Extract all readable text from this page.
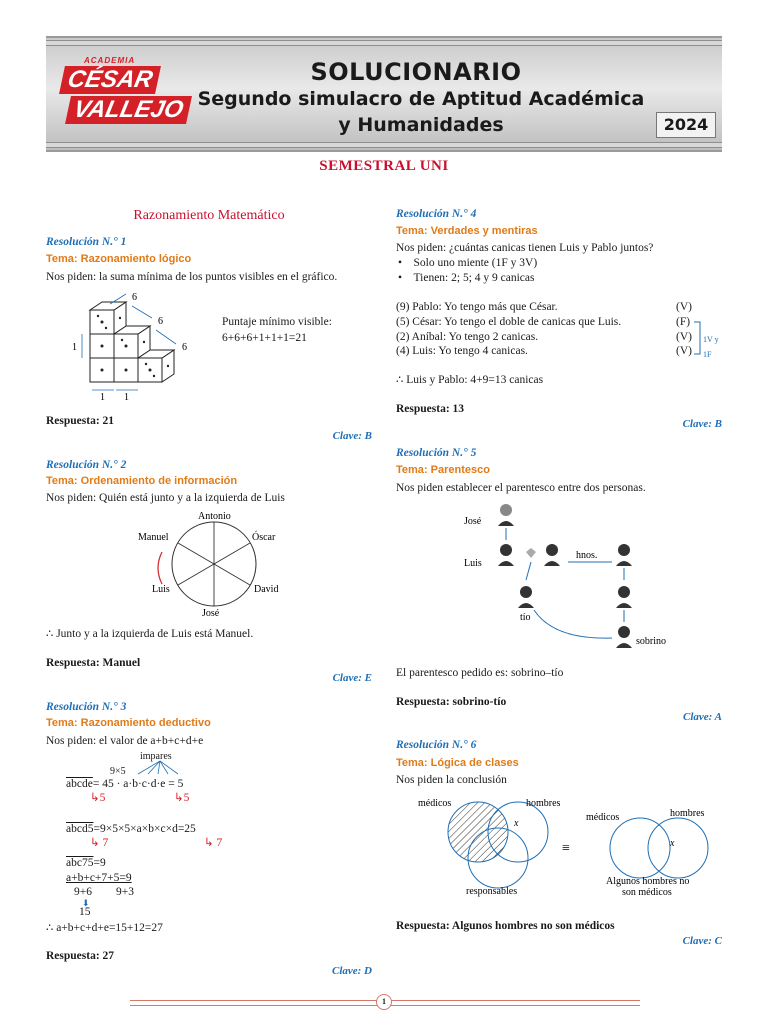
ACADEMIA
CÉSAR
VALLEJO
SOLUCIONARIO
Segundo simulacro de Aptitud Académica
y Humanidades	2024
SEMESTRAL UNI
Razonamiento Matemático
Resolución N.° 1
Tema: Razonamiento lógico
Nos piden: la suma mínima de los puntos visibles en el gráfico.
6
6
6
1
1 1
Puntaje mínimo visible:
6+6+6+1+1+1=21
Respuesta: 21
Clave: B
Resolución N.° 2
Tema: Ordenamiento de información
Nos piden: Quién está junto y a la izquierda de Luis
Antonio
Óscar
Manuel
Luis	David
José
∴ Junto y a la izquierda de Luis está Manuel.
Respuesta: Manuel
Clave: E
Resolución N.° 3
Tema: Razonamiento deductivo
Nos piden: el valor de a+b+c+d+e
impares
9×5
abcde= 45 · a·b·c·d·e = 5
↳5	↳5
abcd5=9×5×5×a×b×c×d=25
↳ 7	↳ 7
abc75=9
a+b+c+7+5=9
9+6 9+3
⬇
15
∴ a+b+c+d+e=15+12=27
Respuesta: 27
Clave: D
Resolución N.° 4
Tema: Verdades y mentiras
Nos piden: ¿cuántas canicas tienen Luis y Pablo juntos?
•    Solo uno miente (1F y 3V)
•    Tienen: 2; 5; 4 y 9 canicas
(9) Pablo: Yo tengo más que César.	(V)
(5) César: Yo tengo el doble de canicas que Luis.	(F)
(2) Aníbal: Yo tengo 2 canicas.	(V)
(4) Luis: Yo tengo 4 canicas.	(V)
1V y 1F
∴ Luis y Pablo: 4+9=13 canicas
Respuesta: 13
Clave: B
Resolución N.° 5
Tema: Parentesco
Nos piden establecer el parentesco entre dos personas.
José
Luis
hnos.
tío
sobrino
El parentesco pedido es: sobrino–tío
Respuesta: sobrino-tío
Clave: A
Resolución N.° 6
Tema: Lógica de clases
Nos piden la conclusión
médicos	hombres
x
responsables
≡
médicos	hombres
x
Algunos hombres no
son médicos
Respuesta: Algunos hombres no son médicos
Clave: C
1
